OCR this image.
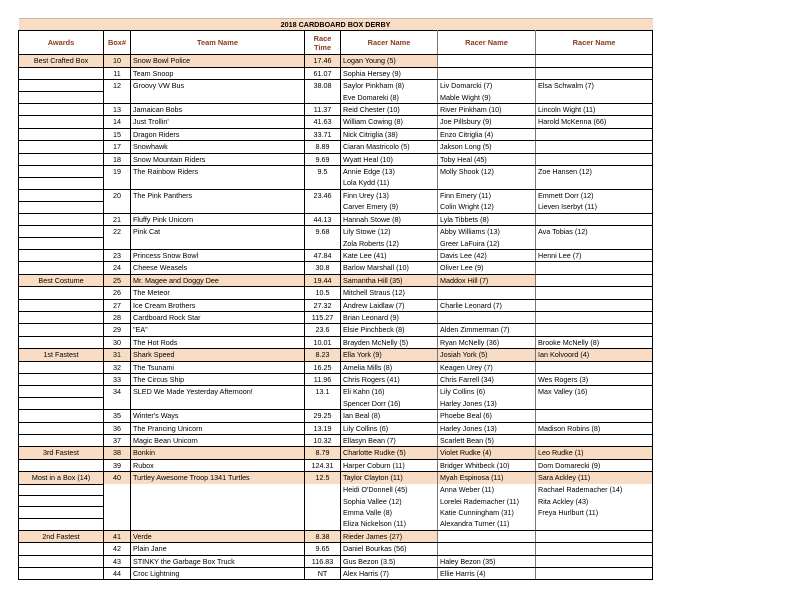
2018 CARDBOARD BOX DERBY						
Awards	Box#	Team Name	Race Time	Racer Name	Racer Name	Racer Name
Best Crafted Box	10	Snow Bowl Police	17.46	Logan Young (5)		
	11	Team Snoop	61.07	Sophia Hersey (9)		
	12	Groovy VW Bus	38.08	Saylor Pinkham (8)	Liv Domarcki (7)	Elsa Schwalm (7)
				Eve Domareki (8)	Mable Wight (9)	
	13	Jamaican Bobs	11.37	Reid Chester (10)	River Pinkham (10)	Lincoln Wight (11)
	14	Just Trollin'	41.63	William Cowing (8)	Joe Pillsbury (9)	Harold McKenna (66)
	15	Dragon Riders	33.71	Nick Citriglia (38)	Enzo Citriglia (4)	
	17	Snowhawk	8.89	Ciaran Mastricolo (5)	Jakson Long (5)	
	18	Snow Mountain Riders	9.69	Wyatt Heal (10)	Toby Heal (45)	
	19	The Rainbow Riders	9.5	Annie Edge (13)	Molly Shook (12)	Zoe Hansen (12)
				Lola Kydd (11)		
	20	The Pink Panthers	23.46	Finn Urey (13)	Finn Emery (11)	Emmett Dorr (12)
				Carver Emery (9)	Colin Wright (12)	Lieven Iserbyt (11)
	21	Fluffy Pink Unicorn	44.13	Hannah Stowe (8)	Lyla Tibbets (8)	
	22	Pink Cat	9.68	Lily Stowe (12)	Abby Williams (13)	Ava Tobias (12)
				Zola Roberts (12)	Greer LaFuira (12)	
	23	Princess Snow Bowl	47.84	Kate Lee (41)	Davis Lee (42)	Henni Lee (7)
	24	Cheese Weasels	30.8	Barlow Marshall (10)	Oliver Lee (9)	
Best Costume	25	Mr. Magee and Doggy Dee	19.44	Samantha Hill (35)	Maddox Hill (7)	
	26	The Meteor	10.5	Mitchell Straus (12)		
	27	Ice Cream Brothers	27.32	Andrew Laidlaw (7)	Charlie Leonard (7)	
	28	Cardboard Rock Star	115.27	Brian Leonard (9)		
	29	"EA"	23.6	Elsie Pinchbeck (8)	Alden Zimmerman (7)	
	30	The Hot Rods	10.01	Brayden McNelly (5)	Ryan McNelly (36)	Brooke McNelly (8)
1st Fastest	31	Shark Speed	8.23	Ella York (9)	Josiah York (5)	Ian Kolvoord (4)
	32	The Tsunami	16.25	Amelia Mills (8)	Keagen Urey (7)	
	33	The Circus Ship	11.96	Chris Rogers (41)	Chris Farrell (34)	Wes Rogers (3)
	34	SLED We Made Yesterday Afternoon!	13.1	Eli Kahn (16)	Lily Collins (6)	Max Valley (16)
				Spencer Dorr (16)	Harley Jones (13)	
	35	Winter's Ways	29.25	Ian Beal (8)	Phoebe Beal (6)	
	36	The Prancing Unicorn	13.19	Lily Collins (6)	Harley Jones (13)	Madison Robins (8)
	37	Magic Bean Unicorn	10.32	Ellasyn Bean (7)	Scarlett Bean (5)	
3rd Fastest	38	Bonkin	8.79	Charlotte Rudke (5)	Violet Rudke (4)	Leo Rudke (1)
	39	Rubox	124.31	Harper Coburn (11)	Bridger Whitbeck (10)	Dom Domarecki (9)
Most in a Box (14)	40	Turtley Awesome Troop 1341 Turtles	12.5	Taylor Clayton (11)	Myah Espinosa (11)	Sara Ackley (11)
				Heidi O'Donnell (45)	Anna Weber (11)	Rachael Rademacher (14)
				Sophia Vallee (12)	Lorelei Rademacher (11)	Rita Ackley (43)
				Emma Valle (8)	Katie Cunningham (31)	Freya Hurlburt (11)
				Eliza Nickelson (11)	Alexandra Turner (11)	
2nd Fastest	41	Verde	8.38	Rieder James (27)		
	42	Plain Jane	9.65	Daniel Bourkas (56)		
	43	STINKY the Garbage Box Truck	116.83	Gus Bezon (3.5)	Haley Bezon (35)	
	44	Croc Lightning	NT	Alex Harris (7)	Ellie Harris (4)	
